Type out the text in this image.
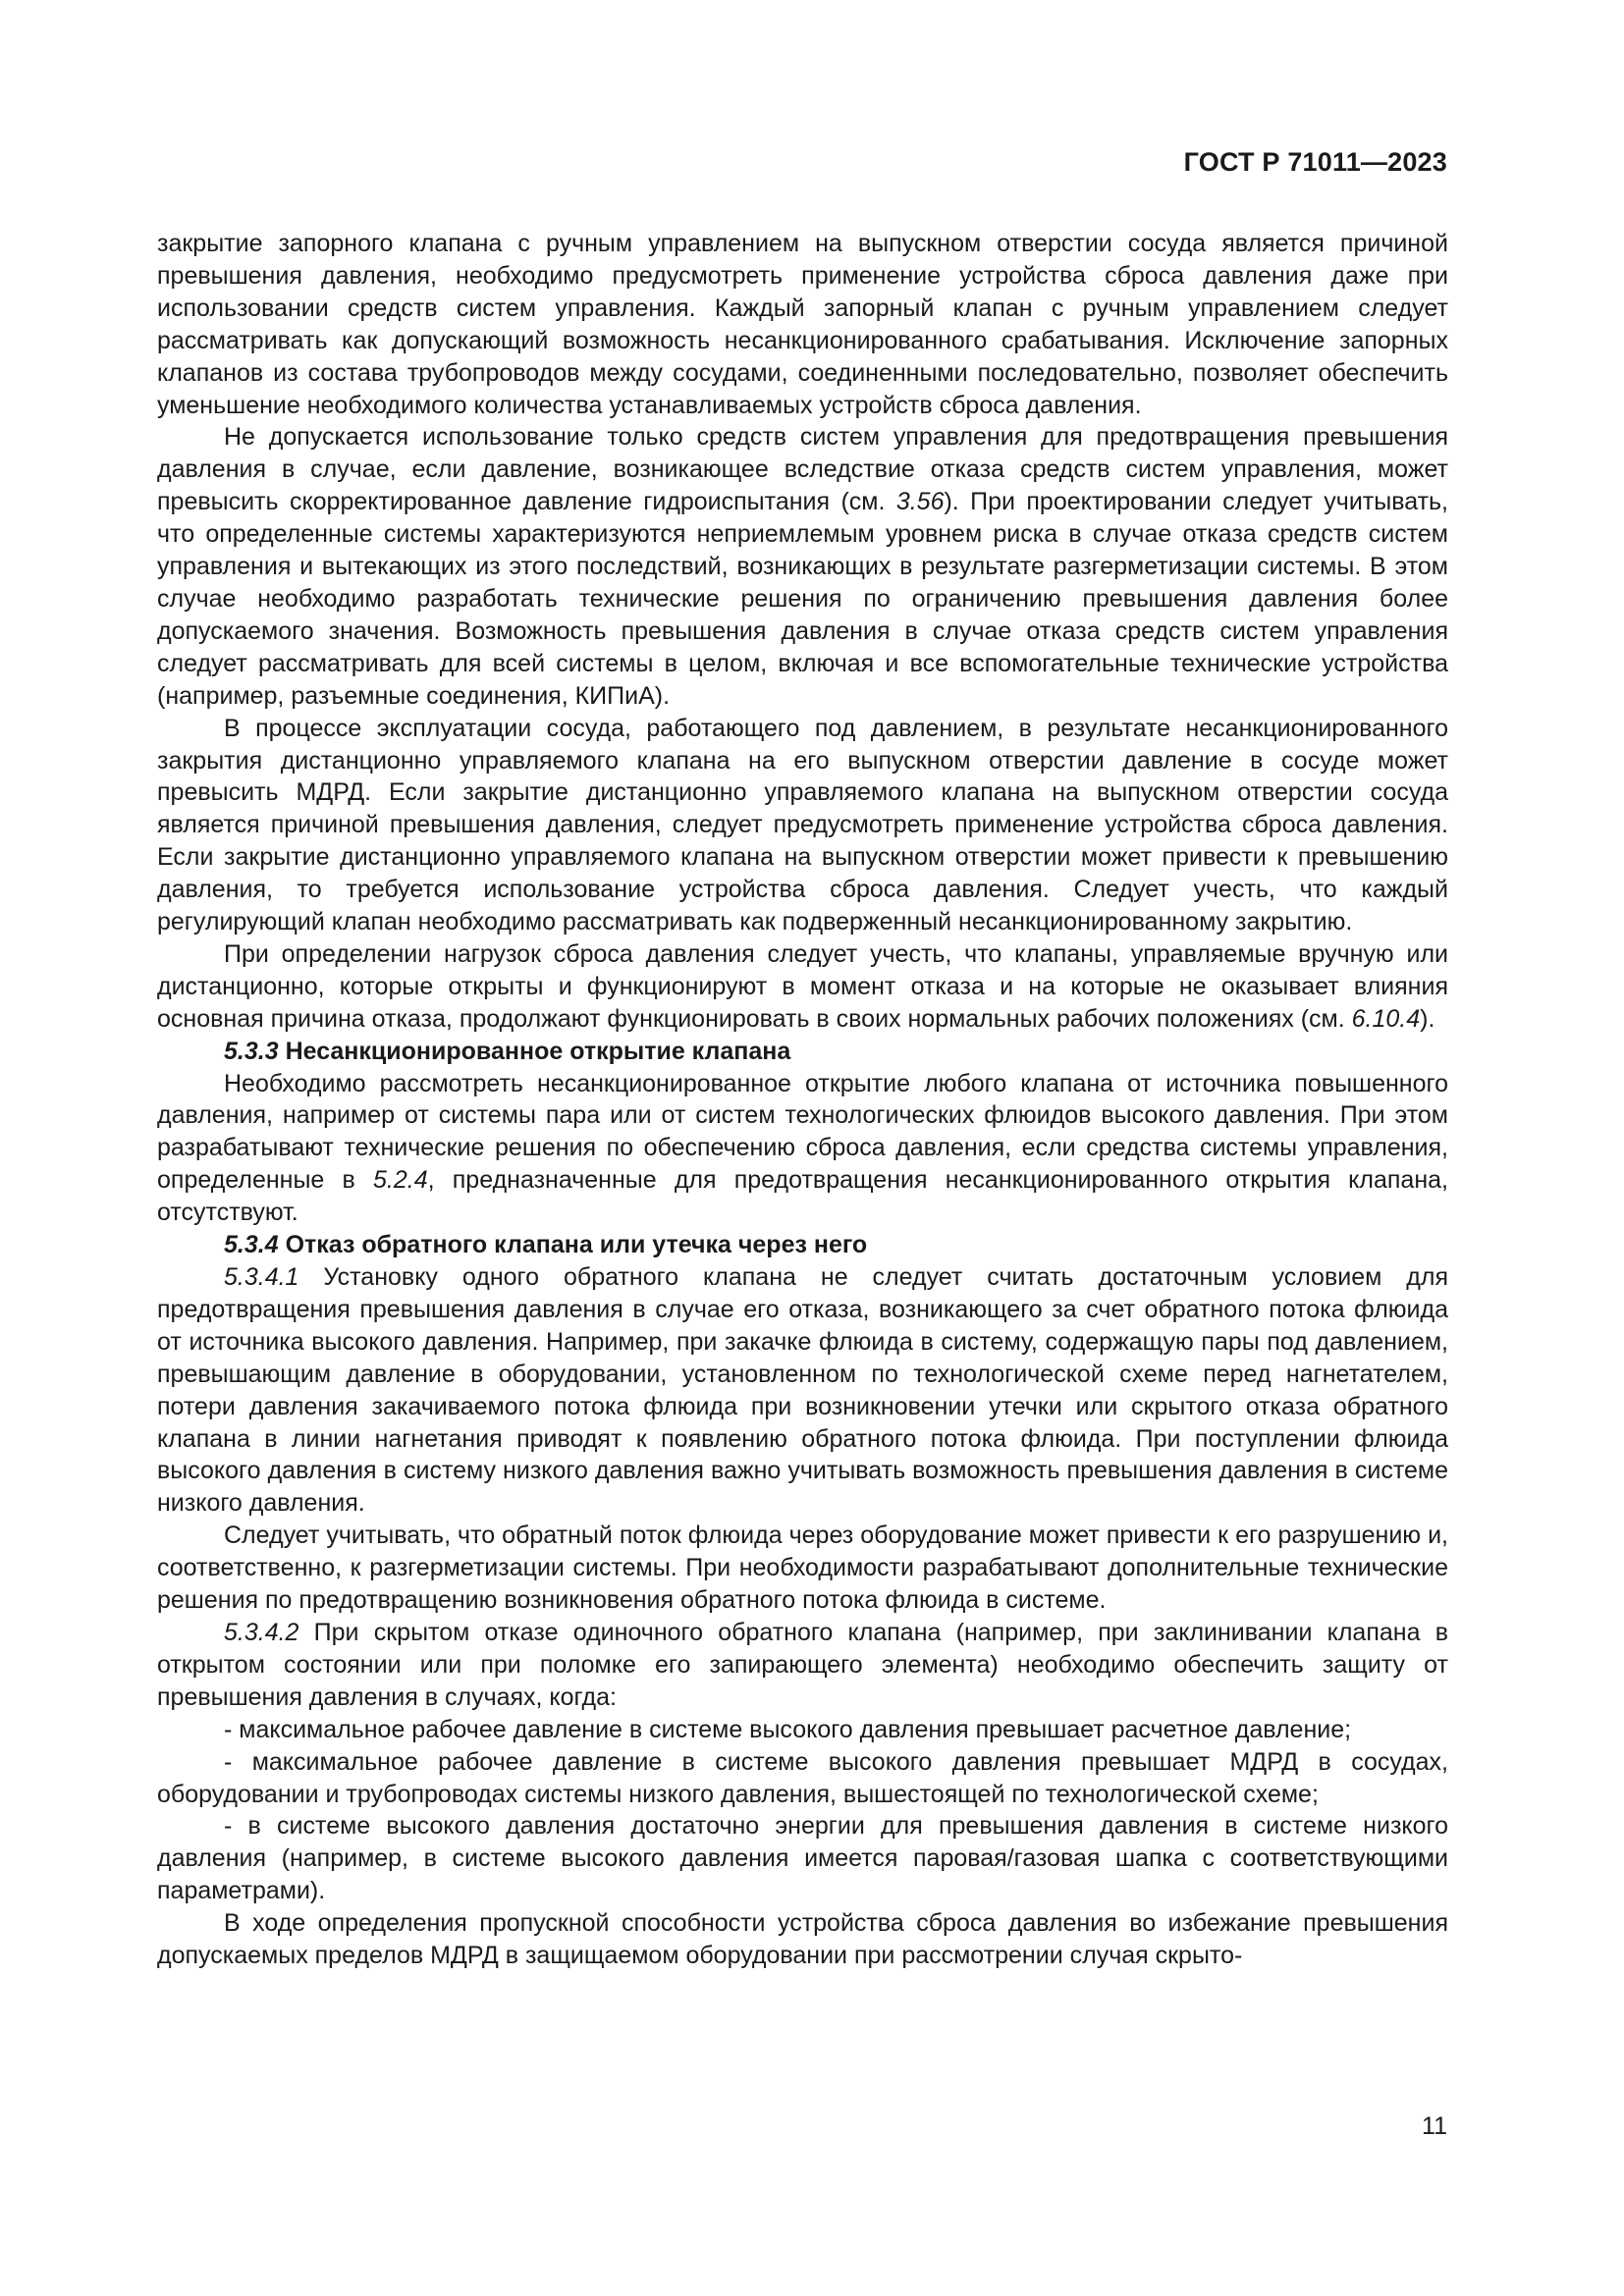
ГОСТ Р 71011—2023

закрытие запорного клапана с ручным управлением на выпускном отверстии сосуда является причиной превышения давления, необходимо предусмотреть применение устройства сброса давления даже при использовании средств систем управления. Каждый запорный клапан с ручным управлением следует рассматривать как допускающий возможность несанкционированного срабатывания. Исключение запорных клапанов из состава трубопроводов между сосудами, соединенными последовательно, позволяет обеспечить уменьшение необходимого количества устанавливаемых устройств сброса давления.

Не допускается использование только средств систем управления для предотвращения превышения давления в случае, если давление, возникающее вследствие отказа средств систем управления, может превысить скорректированное давление гидроиспытания (см. 3.56). При проектировании следует учитывать, что определенные системы характеризуются неприемлемым уровнем риска в случае отказа средств систем управления и вытекающих из этого последствий, возникающих в результате разгерметизации системы. В этом случае необходимо разработать технические решения по ограничению превышения давления более допускаемого значения. Возможность превышения давления в случае отказа средств систем управления следует рассматривать для всей системы в целом, включая и все вспомогательные технические устройства (например, разъемные соединения, КИПиА).

В процессе эксплуатации сосуда, работающего под давлением, в результате несанкционированного закрытия дистанционно управляемого клапана на его выпускном отверстии давление в сосуде может превысить МДРД. Если закрытие дистанционно управляемого клапана на выпускном отверстии сосуда является причиной превышения давления, следует предусмотреть применение устройства сброса давления. Если закрытие дистанционно управляемого клапана на выпускном отверстии может привести к превышению давления, то требуется использование устройства сброса давления. Следует учесть, что каждый регулирующий клапан необходимо рассматривать как подверженный несанкционированному закрытию.

При определении нагрузок сброса давления следует учесть, что клапаны, управляемые вручную или дистанционно, которые открыты и функционируют в момент отказа и на которые не оказывает влияния основная причина отказа, продолжают функционировать в своих нормальных рабочих положениях (см. 6.10.4).

5.3.3 Несанкционированное открытие клапана

Необходимо рассмотреть несанкционированное открытие любого клапана от источника повышенного давления, например от системы пара или от систем технологических флюидов высокого давления. При этом разрабатывают технические решения по обеспечению сброса давления, если средства системы управления, определенные в 5.2.4, предназначенные для предотвращения несанкционированного открытия клапана, отсутствуют.

5.3.4 Отказ обратного клапана или утечка через него

5.3.4.1 Установку одного обратного клапана не следует считать достаточным условием для предотвращения превышения давления в случае его отказа, возникающего за счет обратного потока флюида от источника высокого давления. Например, при закачке флюида в систему, содержащую пары под давлением, превышающим давление в оборудовании, установленном по технологической схеме перед нагнетателем, потери давления закачиваемого потока флюида при возникновении утечки или скрытого отказа обратного клапана в линии нагнетания приводят к появлению обратного потока флюида. При поступлении флюида высокого давления в систему низкого давления важно учитывать возможность превышения давления в системе низкого давления.

Следует учитывать, что обратный поток флюида через оборудование может привести к его разрушению и, соответственно, к разгерметизации системы. При необходимости разрабатывают дополнительные технические решения по предотвращению возникновения обратного потока флюида в системе.

5.3.4.2 При скрытом отказе одиночного обратного клапана (например, при заклинивании клапана в открытом состоянии или при поломке его запирающего элемента) необходимо обеспечить защиту от превышения давления в случаях, когда:

- максимальное рабочее давление в системе высокого давления превышает расчетное давление;

- максимальное рабочее давление в системе высокого давления превышает МДРД в сосудах, оборудовании и трубопроводах системы низкого давления, вышестоящей по технологической схеме;

- в системе высокого давления достаточно энергии для превышения давления в системе низкого давления (например, в системе высокого давления имеется паровая/газовая шапка с соответствующими параметрами).

В ходе определения пропускной способности устройства сброса давления во избежание превышения допускаемых пределов МДРД в защищаемом оборудовании при рассмотрении случая скрыто-

11
